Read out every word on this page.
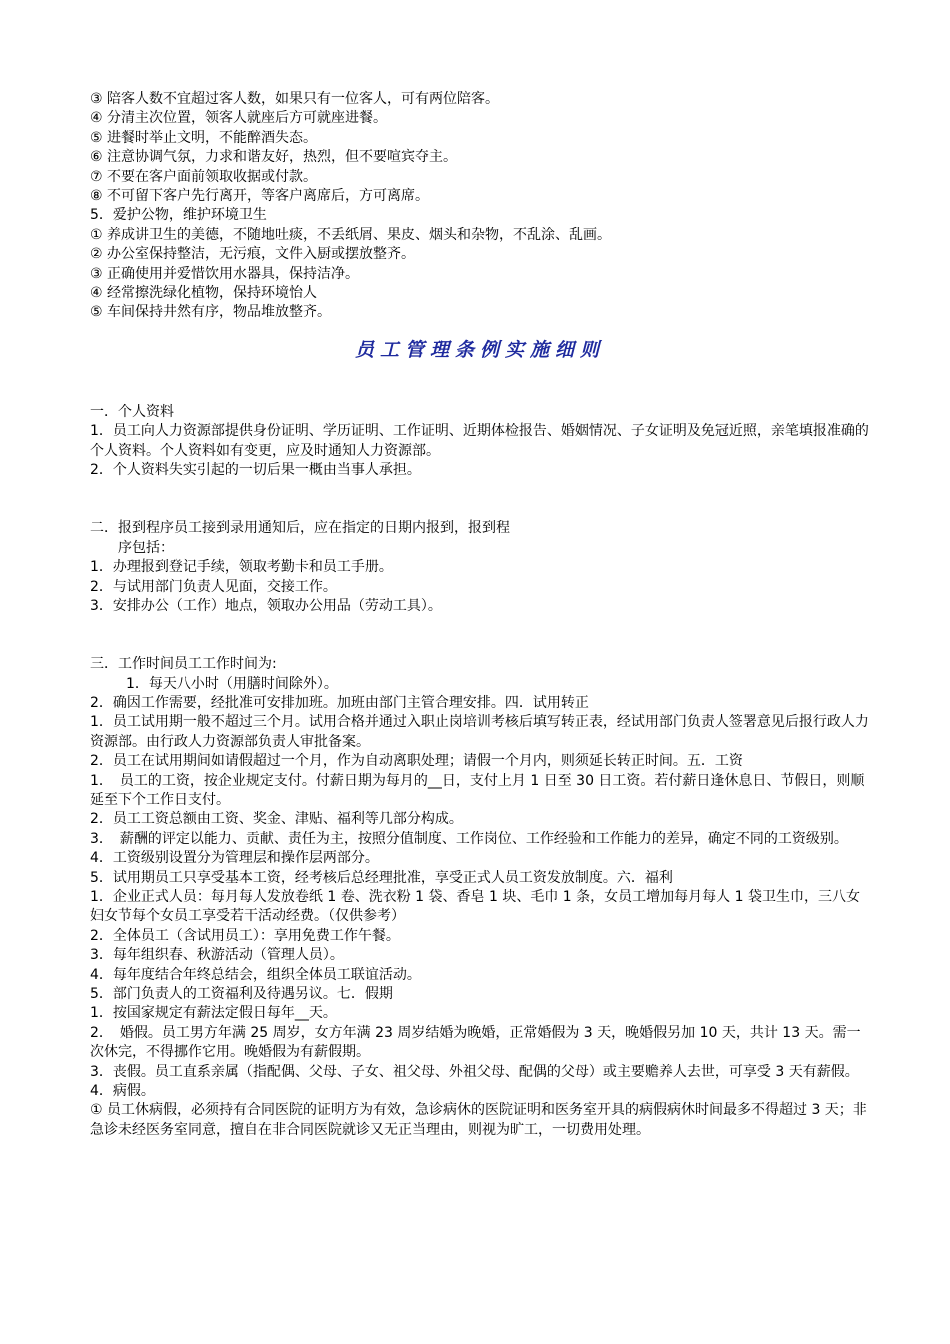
③ 陪客人数不宜超过客人数，如果只有一位客人，可有两位陪客。
④ 分清主次位置，领客人就座后方可就座进餐。
⑤ 进餐时举止文明，不能醉酒失态。
⑥ 注意协调气氛，力求和谐友好，热烈，但不要喧宾夺主。
⑦ 不要在客户面前领取收据或付款。
⑧ 不可留下客户先行离开，等客户离席后，方可离席。
5．爱护公物，维护环境卫生
① 养成讲卫生的美德，不随地吐痰，不丢纸屑、果皮、烟头和杂物，不乱涂、乱画。
② 办公室保持整洁，无污痕，文件入厨或摆放整齐。
③ 正确使用并爱惜饮用水器具，保持洁净。
④ 经常擦洗绿化植物，保持环境怡人
⑤ 车间保持井然有序，物品堆放整齐。
员工管理条例实施细则
一．个人资料
1．员工向人力资源部提供身份证明、学历证明、工作证明、近期体检报告、婚姻情况、子女证明及免冠近照，亲笔填报准确的个人资料。个人资料如有变更，应及时通知人力资源部。
2．个人资料失实引起的一切后果一概由当事人承担。
二．报到程序员工接到录用通知后，应在指定的日期内报到，报到程
序包括：
1．办理报到登记手续，领取考勤卡和员工手册。
2．与试用部门负责人见面，交接工作。
3．安排办公（工作）地点，领取办公用品（劳动工具）。
三．工作时间员工工作时间为:
1．每天八小时（用膳时间除外）。
2．确因工作需要，经批准可安排加班。加班由部门主管合理安排。四．试用转正
1．员工试用期一般不超过三个月。试用合格并通过入职止岗培训考核后填写转正表，经试用部门负责人签署意见后报行政人力资源部。由行政人力资源部负责人审批备案。
2．员工在试用期间如请假超过一个月，作为自动离职处理；请假一个月内，则须延长转正时间。五．工资
1．　员工的工资，按企业规定支付。付薪日期为每月的__日，支付上月 1 日至 30 日工资。若付薪日逢休息日、节假日，则顺延至下个工作日支付。
2．员工工资总额由工资、奖金、津贴、福利等几部分构成。
3．　薪酬的评定以能力、贡献、责任为主，按照分值制度、工作岗位、工作经验和工作能力的差异，确定不同的工资级别。
4．工资级别设置分为管理层和操作层两部分。
5．试用期员工只享受基本工资，经考核后总经理批准，享受正式人员工资发放制度。六．福利
1．企业正式人员：每月每人发放卷纸 1 卷、洗衣粉 1 袋、香皂 1 块、毛巾 1 条，女员工增加每月每人 1 袋卫生巾，三八女妇女节每个女员工享受若干活动经费。（仅供参考）
2．全体员工（含试用员工）：享用免费工作午餐。
3．每年组织春、秋游活动（管理人员）。
4．每年度结合年终总结会，组织全体员工联谊活动。
5．部门负责人的工资福利及待遇另议。七．假期
1．按国家规定有薪法定假日每年__天。
2．　婚假。员工男方年满 25 周岁，女方年满 23 周岁结婚为晚婚，正常婚假为 3 天，晚婚假另加 10 天，共计 13 天。需一次休完，不得挪作它用。晚婚假为有薪假期。
3．丧假。员工直系亲属（指配偶、父母、子女、祖父母、外祖父母、配偶的父母）或主要赡养人去世，可享受 3 天有薪假。
4．病假。
① 员工休病假，必须持有合同医院的证明方为有效，急诊病休的医院证明和医务室开具的病假病休时间最多不得超过 3 天；非急诊未经医务室同意，擅自在非合同医院就诊又无正当理由，则视为旷工，一切费用处理。
